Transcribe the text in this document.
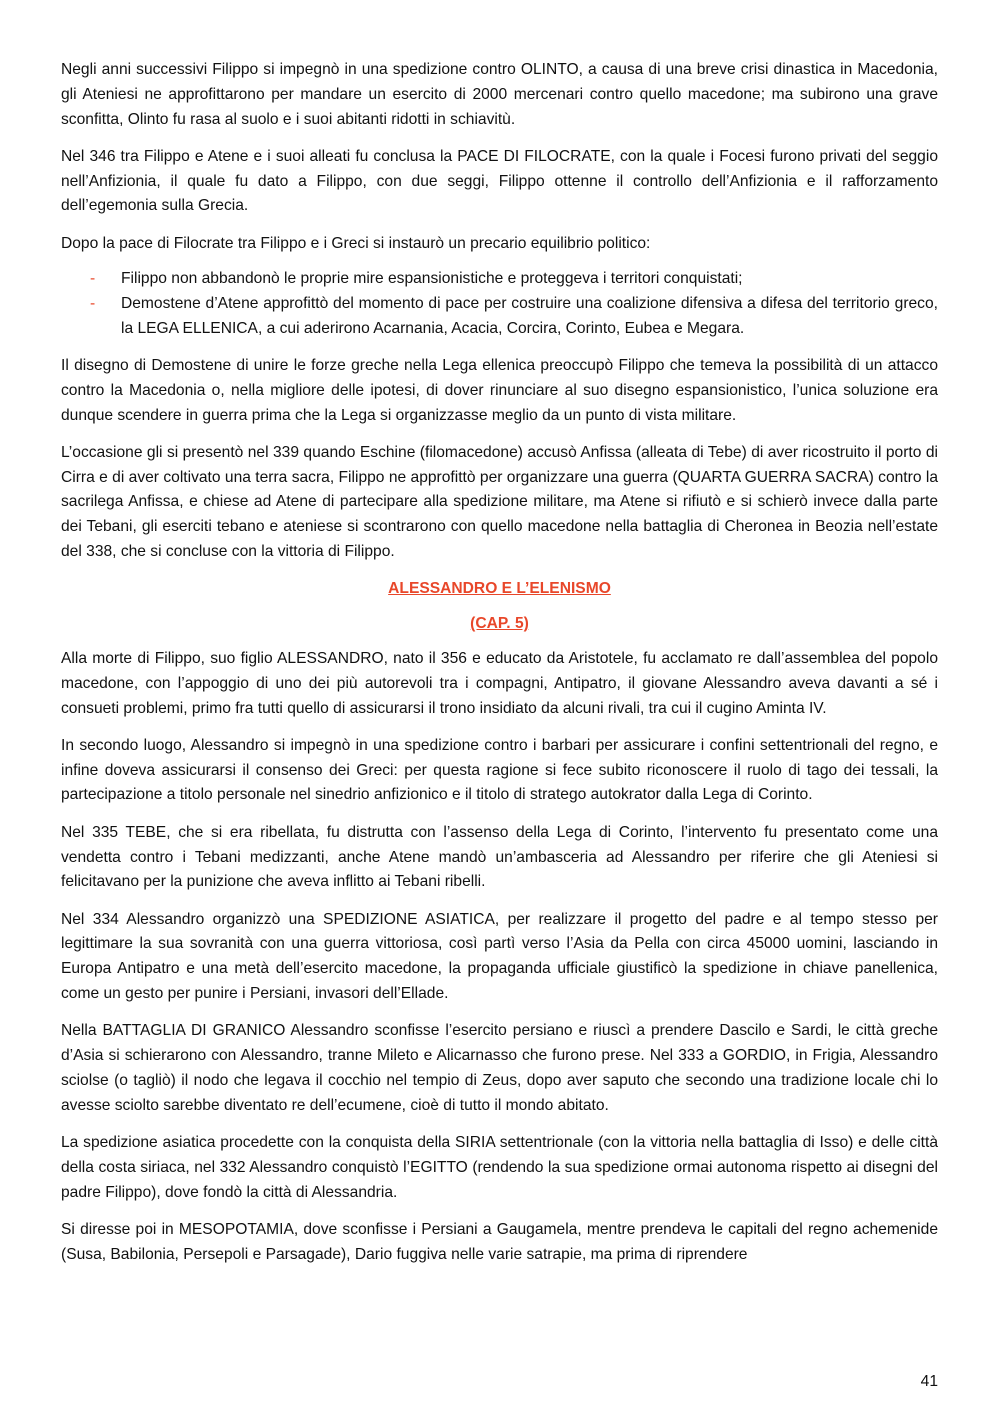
Negli anni successivi Filippo si impegnò in una spedizione contro OLINTO, a causa di una breve crisi dinastica in Macedonia, gli Ateniesi ne approfittarono per mandare un esercito di 2000 mercenari contro quello macedone; ma subirono una grave sconfitta, Olinto fu rasa al suolo e i suoi abitanti ridotti in schiavitù.

Nel 346 tra Filippo e Atene e i suoi alleati fu conclusa la PACE DI FILOCRATE, con la quale i Focesi furono privati del seggio nell’Anfizionia, il quale fu dato a Filippo, con due seggi, Filippo ottenne il controllo dell’Anfizionia e il rafforzamento dell’egemonia sulla Grecia.

Dopo la pace di Filocrate tra Filippo e i Greci si instaurò un precario equilibrio politico:

- Filippo non abbandonò le proprie mire espansionistiche e proteggeva i territori conquistati;
- Demostene d’Atene approfittò del momento di pace per costruire una coalizione difensiva a difesa del territorio greco, la LEGA ELLENICA, a cui aderirono Acarnania, Acacia, Corcira, Corinto, Eubea e Megara.

Il disegno di Demostene di unire le forze greche nella Lega ellenica preoccupò Filippo che temeva la possibilità di un attacco contro la Macedonia o, nella migliore delle ipotesi, di dover rinunciare al suo disegno espansionistico, l’unica soluzione era dunque scendere in guerra prima che la Lega si organizzasse meglio da un punto di vista militare.

L’occasione gli si presentò nel 339 quando Eschine (filomacedone) accusò Anfissa (alleata di Tebe) di aver ricostruito il porto di Cirra e di aver coltivato una terra sacra, Filippo ne approfittò per organizzare una guerra (QUARTA GUERRA SACRA) contro la sacrilega Anfissa, e chiese ad Atene di partecipare alla spedizione militare, ma Atene si rifiutò e si schierò invece dalla parte dei Tebani, gli eserciti tebano e ateniese si scontrarono con quello macedone nella battaglia di Cheronea in Beozia nell’estate del 338, che si concluse con la vittoria di Filippo.

ALESSANDRO E L’ELENISMO
(CAP. 5)

Alla morte di Filippo, suo figlio ALESSANDRO, nato il 356 e educato da Aristotele, fu acclamato re dall’assemblea del popolo macedone, con l’appoggio di uno dei più autorevoli tra i compagni, Antipatro, il giovane Alessandro aveva davanti a sé i consueti problemi, primo fra tutti quello di assicurarsi il trono insidiato da alcuni rivali, tra cui il cugino Aminta IV.

In secondo luogo, Alessandro si impegnò in una spedizione contro i barbari per assicurare i confini settentrionali del regno, e infine doveva assicurarsi il consenso dei Greci: per questa ragione si fece subito riconoscere il ruolo di tago dei tessali, la partecipazione a titolo personale nel sinedrio anfizionico e il titolo di stratego autokrator dalla Lega di Corinto.

Nel 335 TEBE, che si era ribellata, fu distrutta con l’assenso della Lega di Corinto, l’intervento fu presentato come una vendetta contro i Tebani medizzanti, anche Atene mandò un’ambasceria ad Alessandro per riferire che gli Ateniesi si felicitavano per la punizione che aveva inflitto ai Tebani ribelli.

Nel 334 Alessandro organizzò una SPEDIZIONE ASIATICA, per realizzare il progetto del padre e al tempo stesso per legittimare la sua sovranità con una guerra vittoriosa, così partì verso l’Asia da Pella con circa 45000 uomini, lasciando in Europa Antipatro e una metà dell’esercito macedone, la propaganda ufficiale giustificò la spedizione in chiave panellenica, come un gesto per punire i Persiani, invasori dell’Ellade.

Nella BATTAGLIA DI GRANICO Alessandro sconfisse l’esercito persiano e riuscì a prendere Dascilo e Sardi, le città greche d’Asia si schierarono con Alessandro, tranne Mileto e Alicarnasso che furono prese. Nel 333 a GORDIO, in Frigia, Alessandro sciolse (o tagliò) il nodo che legava il cocchio nel tempio di Zeus, dopo aver saputo che secondo una tradizione locale chi lo avesse sciolto sarebbe diventato re dell’ecumene, cioè di tutto il mondo abitato.

La spedizione asiatica procedette con la conquista della SIRIA settentrionale (con la vittoria nella battaglia di Isso) e delle città della costa siriaca, nel 332 Alessandro conquistò l’EGITTO (rendendo la sua spedizione ormai autonoma rispetto ai disegni del padre Filippo), dove fondò la città di Alessandria.

Si diresse poi in MESOPOTAMIA, dove sconfisse i Persiani a Gaugamela, mentre prendeva le capitali del regno achemenide (Susa, Babilonia, Persepoli e Parsagade), Dario fuggiva nelle varie satrapie, ma prima di riprendere

41
